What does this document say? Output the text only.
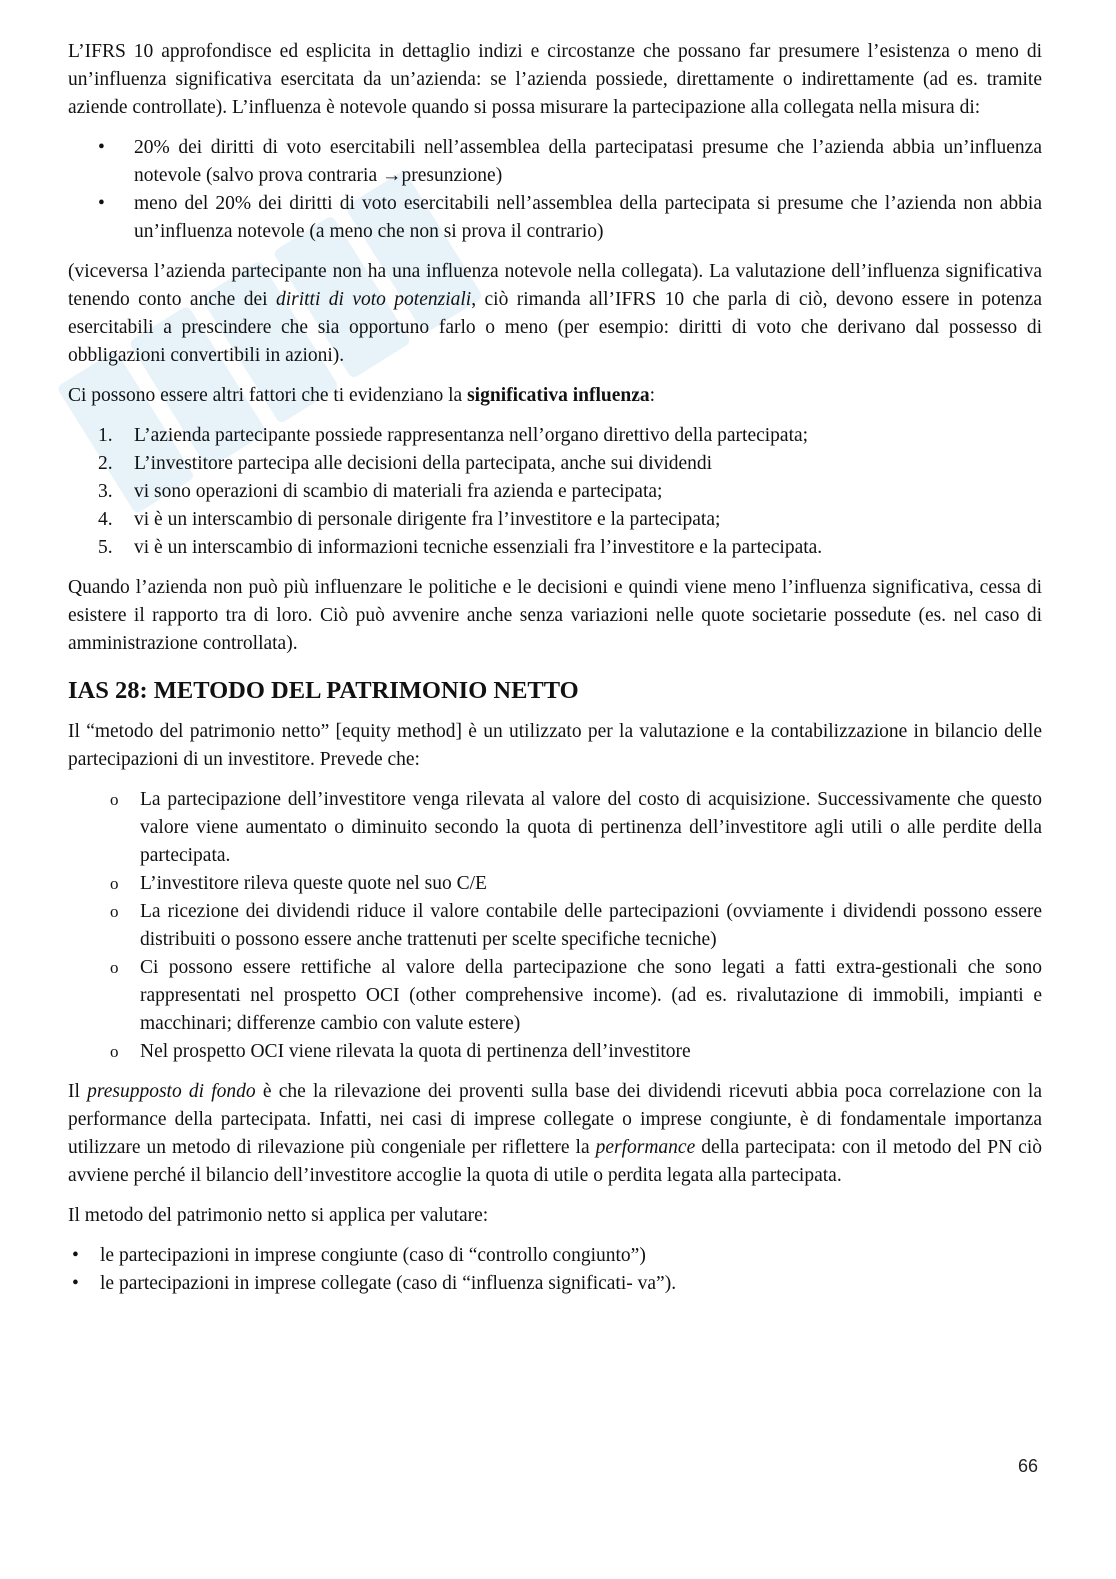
L’IFRS 10 approfondisce ed esplicita in dettaglio indizi e circostanze che possano far presumere l’esistenza o meno di un’influenza significativa esercitata da un’azienda: se l’azienda possiede, direttamente o indirettamente (ad es. tramite aziende controllate). L’influenza è notevole quando si possa misurare la partecipazione alla collegata nella misura di:

• 20% dei diritti di voto esercitabili nell’assemblea della partecipatasi presume che l’azienda abbia un’influenza notevole (salvo prova contraria →presunzione)
• meno del 20% dei diritti di voto esercitabili nell’assemblea della partecipata si presume che l’azienda non abbia un’influenza notevole (a meno che non si prova il contrario)

(viceversa l’azienda partecipante non ha una influenza notevole nella collegata). La valutazione dell’influenza significativa tenendo conto anche dei diritti di voto potenziali, ciò rimanda all’IFRS 10 che parla di ciò, devono essere in potenza esercitabili a prescindere che sia opportuno farlo o meno (per esempio: diritti di voto che derivano dal possesso di obbligazioni convertibili in azioni).

Ci possono essere altri fattori che ti evidenziano la significativa influenza:

1. L’azienda partecipante possiede rappresentanza nell’organo direttivo della partecipata;
2. L’investitore partecipa alle decisioni della partecipata, anche sui dividendi
3. vi sono operazioni di scambio di materiali fra azienda e partecipata;
4. vi è un interscambio di personale dirigente fra l’investitore e la partecipata;
5. vi è un interscambio di informazioni tecniche essenziali fra l’investitore e la partecipata.

Quando l’azienda non può più influenzare le politiche e le decisioni e quindi viene meno l’influenza significativa, cessa di esistere il rapporto tra di loro. Ciò può avvenire anche senza variazioni nelle quote societarie possedute (es. nel caso di amministrazione controllata).

IAS 28: METODO DEL PATRIMONIO NETTO

Il “metodo del patrimonio netto” [equity method] è un utilizzato per la valutazione e la contabilizzazione in bilancio delle partecipazioni di un investitore. Prevede che:

o La partecipazione dell’investitore venga rilevata al valore del costo di acquisizione. Successivamente che questo valore viene aumentato o diminuito secondo la quota di pertinenza dell’investitore agli utili o alle perdite della partecipata.
o L’investitore rileva queste quote nel suo C/E
o La ricezione dei dividendi riduce il valore contabile delle partecipazioni (ovviamente i dividendi possono essere distribuiti o possono essere anche trattenuti per scelte specifiche tecniche)
o Ci possono essere rettifiche al valore della partecipazione che sono legati a fatti extra-gestionali che sono rappresentati nel prospetto OCI (other comprehensive income). (ad es. rivalutazione di immobili, impianti e macchinari; differenze cambio con valute estere)
o Nel prospetto OCI viene rilevata la quota di pertinenza dell’investitore

Il presupposto di fondo è che la rilevazione dei proventi sulla base dei dividendi ricevuti abbia poca correlazione con la performance della partecipata. Infatti, nei casi di imprese collegate o imprese congiunte, è di fondamentale importanza utilizzare un metodo di rilevazione più congeniale per riflettere la performance della partecipata: con il metodo del PN ciò avviene perché il bilancio dell’investitore accoglie la quota di utile o perdita legata alla partecipata.

Il metodo del patrimonio netto si applica per valutare:

• le partecipazioni in imprese congiunte (caso di “controllo congiunto”)
• le partecipazioni in imprese collegate (caso di “influenza significati- va”).
66
